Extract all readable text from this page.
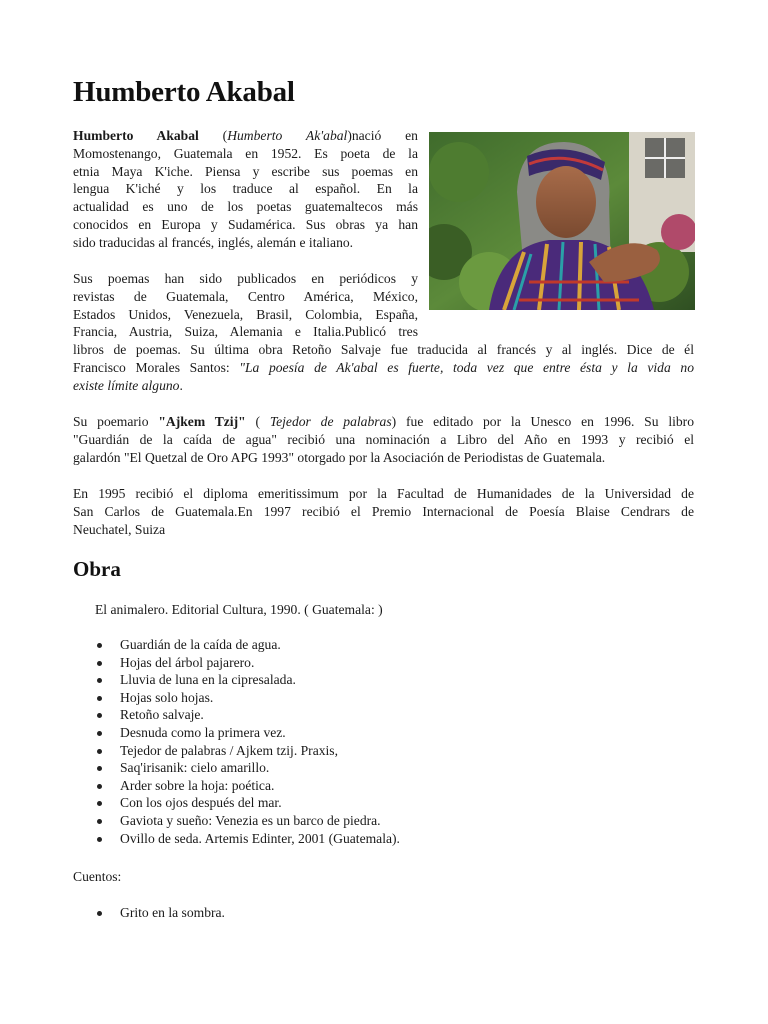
Humberto Akabal
Humberto Akabal (Humberto Ak'abal)nació en
Momostenango, Guatemala en 1952. Es poeta de la
etnia Maya K'iche. Piensa y escribe sus poemas en
lengua K'iché y los traduce al español. En la
actualidad es uno de los poetas guatemaltecos más
conocidos en Europa y Sudamérica. Sus obras ya han
sido traducidas al francés, inglés, alemán e italiano.
Sus poemas han sido publicados en periódicos y
revistas de Guatemala, Centro América, México,
Estados Unidos, Venezuela, Brasil, Colombia, España,
Francia, Austria, Suiza, Alemania e Italia.Publicó tres
libros de poemas. Su última obra Retoño Salvaje fue traducida al francés y al inglés. Dice de él
Francisco Morales Santos: "La poesía de Ak'abal es fuerte, toda vez que entre ésta y la vida no
existe límite alguno.
Su poemario "Ajkem Tzij" ( Tejedor de palabras) fue editado por la Unesco en 1996. Su libro
"Guardián de la caída de agua" recibió una nominación a Libro del Año en 1993 y recibió el
galardón "El Quetzal de Oro APG 1993" otorgado por la Asociación de Periodistas de Guatemala.
En 1995 recibió el diploma emeritissimum por la Facultad de Humanidades de la Universidad de
San Carlos de Guatemala.En 1997 recibió el Premio Internacional de Poesía Blaise Cendrars de
Neuchatel, Suiza
Obra

El animalero. Editorial Cultura, 1990. ( Guatemala: )

Guardián de la caída de agua.
Hojas del árbol pajarero.
Lluvia de luna en la cipresalada.
Hojas solo hojas.
Retoño salvaje.
Desnuda como la primera vez.
Tejedor de palabras / Ajkem tzij. Praxis,
Saq'irisanik: cielo amarillo.
Arder sobre la hoja: poética.
Con los ojos después del mar.
Gaviota y sueño: Venezia es un barco de piedra.
Ovillo de seda. Artemis Edinter, 2001 (Guatemala).

Cuentos:

Grito en la sombra.
